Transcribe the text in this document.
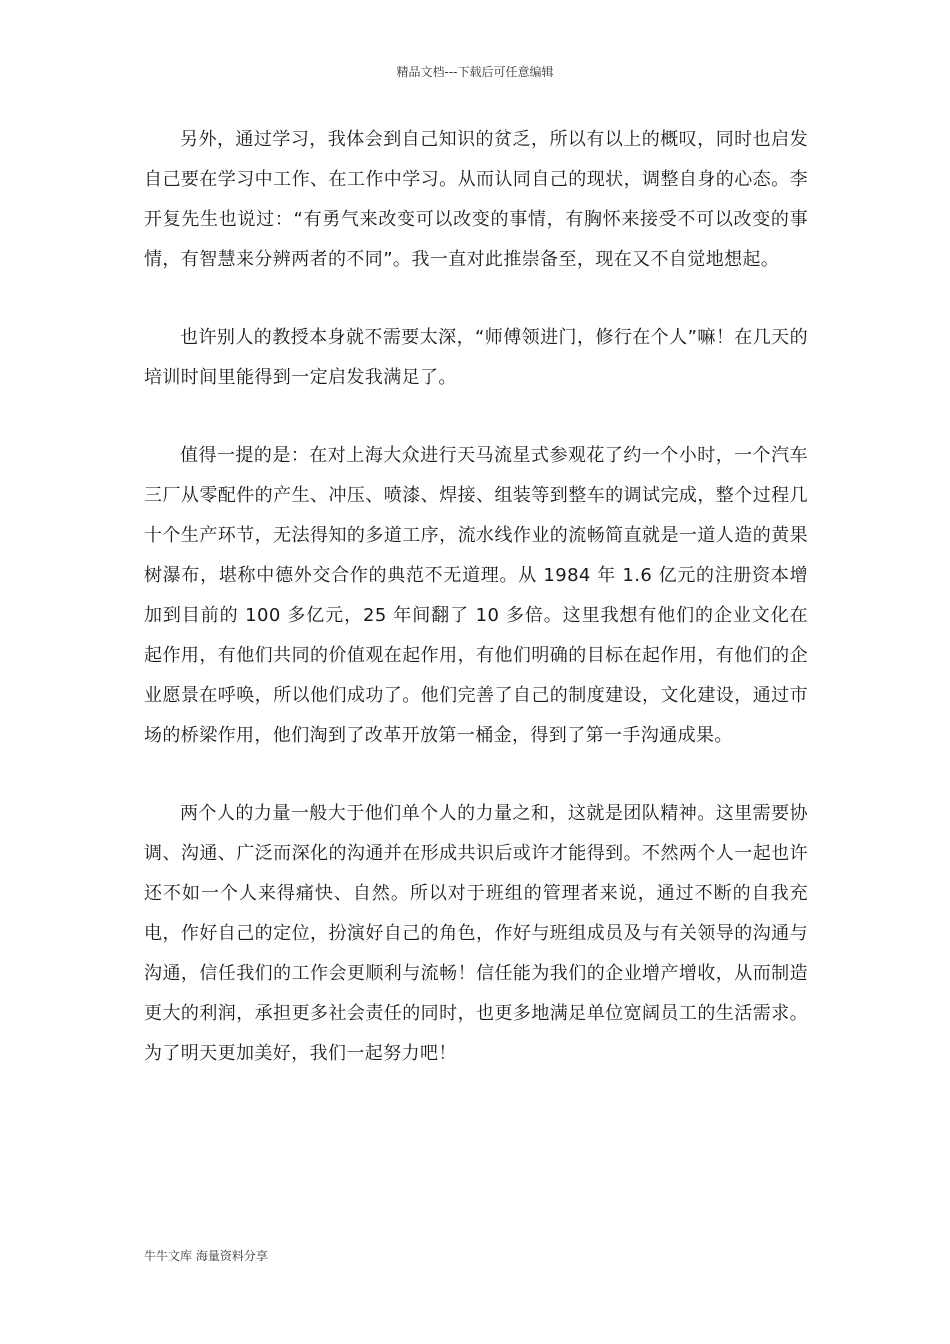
精品文档---下载后可任意编辑

另外，通过学习，我体会到自己知识的贫乏，所以有以上的概叹，同时也启发自己要在学习中工作、在工作中学习。从而认同自己的现状，调整自身的心态。李开复先生也说过：“有勇气来改变可以改变的事情，有胸怀来接受不可以改变的事情，有智慧来分辨两者的不同”。我一直对此推崇备至，现在又不自觉地想起。

也许别人的教授本身就不需要太深，“师傅领进门，修行在个人”嘛！在几天的培训时间里能得到一定启发我满足了。

值得一提的是：在对上海大众进行天马流星式参观花了约一个小时，一个汽车三厂从零配件的产生、冲压、喷漆、焊接、组装等到整车的调试完成，整个过程几十个生产环节，无法得知的多道工序，流水线作业的流畅简直就是一道人造的黄果树瀑布，堪称中德外交合作的典范不无道理。从 1984 年 1.6 亿元的注册资本增加到目前的 100 多亿元，25 年间翻了 10 多倍。这里我想有他们的企业文化在起作用，有他们共同的价值观在起作用，有他们明确的目标在起作用，有他们的企业愿景在呼唤，所以他们成功了。他们完善了自己的制度建设，文化建设，通过市场的桥梁作用，他们淘到了改革开放第一桶金，得到了第一手沟通成果。

两个人的力量一般大于他们单个人的力量之和，这就是团队精神。这里需要协调、沟通、广泛而深化的沟通并在形成共识后或许才能得到。不然两个人一起也许还不如一个人来得痛快、自然。所以对于班组的管理者来说，通过不断的自我充电，作好自己的定位，扮演好自己的角色，作好与班组成员及与有关领导的沟通与沟通，信任我们的工作会更顺利与流畅！信任能为我们的企业增产增收，从而制造更大的利润，承担更多社会责任的同时，也更多地满足单位宽阔员工的生活需求。为了明天更加美好，我们一起努力吧！

牛牛文库 海量资料分享
